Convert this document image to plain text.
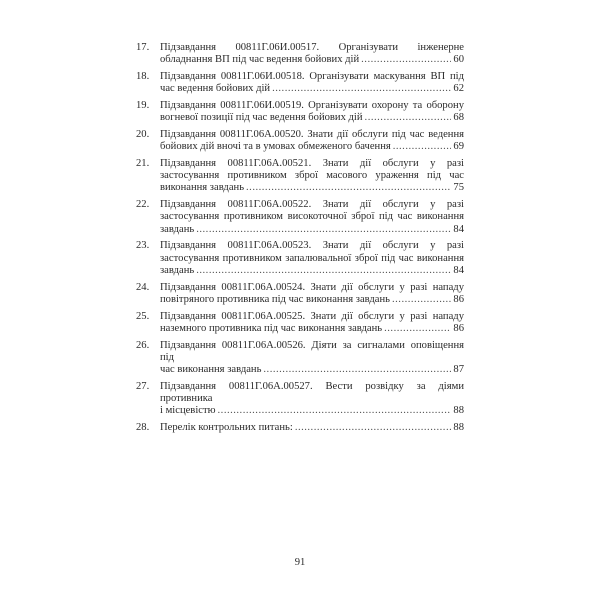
17.	Підзавдання 00811Г.06И.00517. Організувати інженерне
обладнання ВП під час ведення бойових дій .....	60
18.	Підзавдання 00811Г.06И.00518. Організувати маскування ВП під
час ведення бойових дій .....	62
19.	Підзавдання 00811Г.06И.00519. Організувати охорону та оборону
вогневої позиції під час ведення бойових дій .....	68
20.	Підзавдання 00811Г.06А.00520. Знати дії обслуги під час ведення
бойових дій вночі та в умовах обмеженого бачення .....	69
21.	Підзавдання 00811Г.06А.00521. Знати дії обслуги у разі
застосування противником зброї масового ураження під час
виконання завдань .....	75
22.	Підзавдання 00811Г.06А.00522. Знати дії обслуги у разі
застосування противником високоточної зброї під час виконання
завдань .....	84
23.	Підзавдання 00811Г.06А.00523. Знати дії обслуги у разі
застосування противником запалювальної зброї під час виконання
завдань .....	84
24.	Підзавдання 00811Г.06А.00524. Знати дії обслуги у разі нападу
повітряного противника під час виконання завдань .....	86
25.	Підзавдання 00811Г.06А.00525. Знати дії обслуги у разі нападу
наземного противника під час виконання завдань .....	86
26.	Підзавдання 00811Г.06А.00526. Діяти за сигналами оповіщення під
час виконання завдань .....	87
27.	Підзавдання 00811Г.06А.00527. Вести розвідку за діями противника
і місцевістю .....	88
28.	Перелік контрольних питань: .....	88
91
